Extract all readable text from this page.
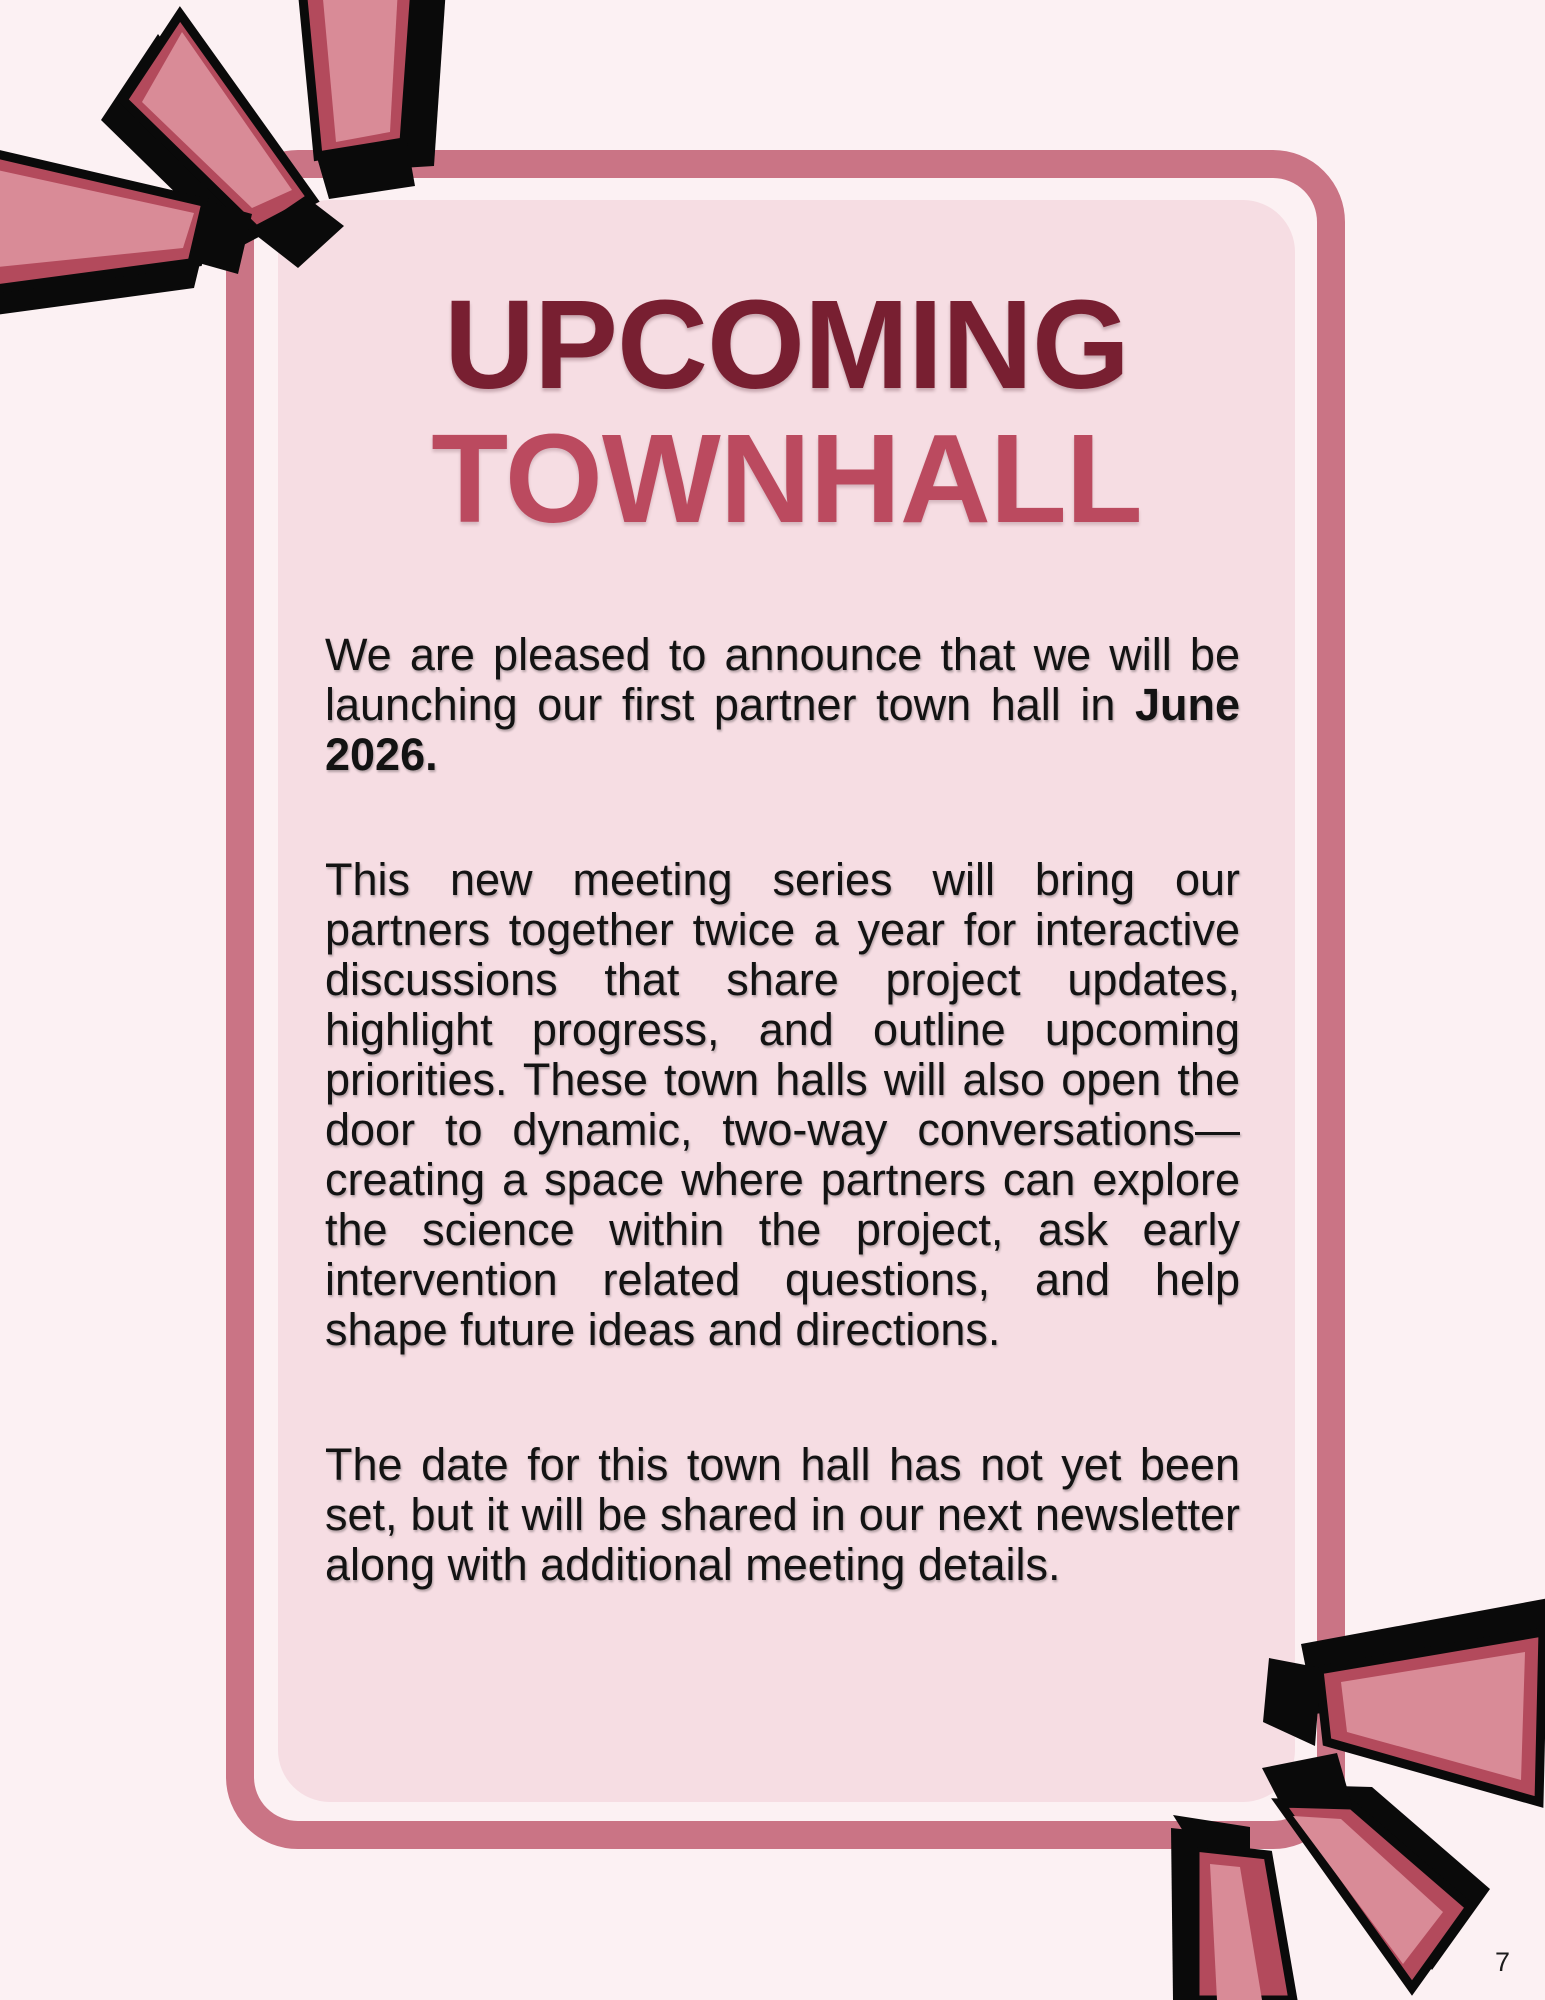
UPCOMING
TOWNHALL

We are pleased to announce that we will be launching our first partner town hall in June 2026.

This new meeting series will bring our partners together twice a year for interactive discussions that share project updates, highlight progress, and outline upcoming priorities. These town halls will also open the door to dynamic, two-way conversations—creating a space where partners can explore the science within the project, ask early intervention related questions, and help shape future ideas and directions.

The date for this town hall has not yet been set, but it will be shared in our next newsletter along with additional meeting details.

7
